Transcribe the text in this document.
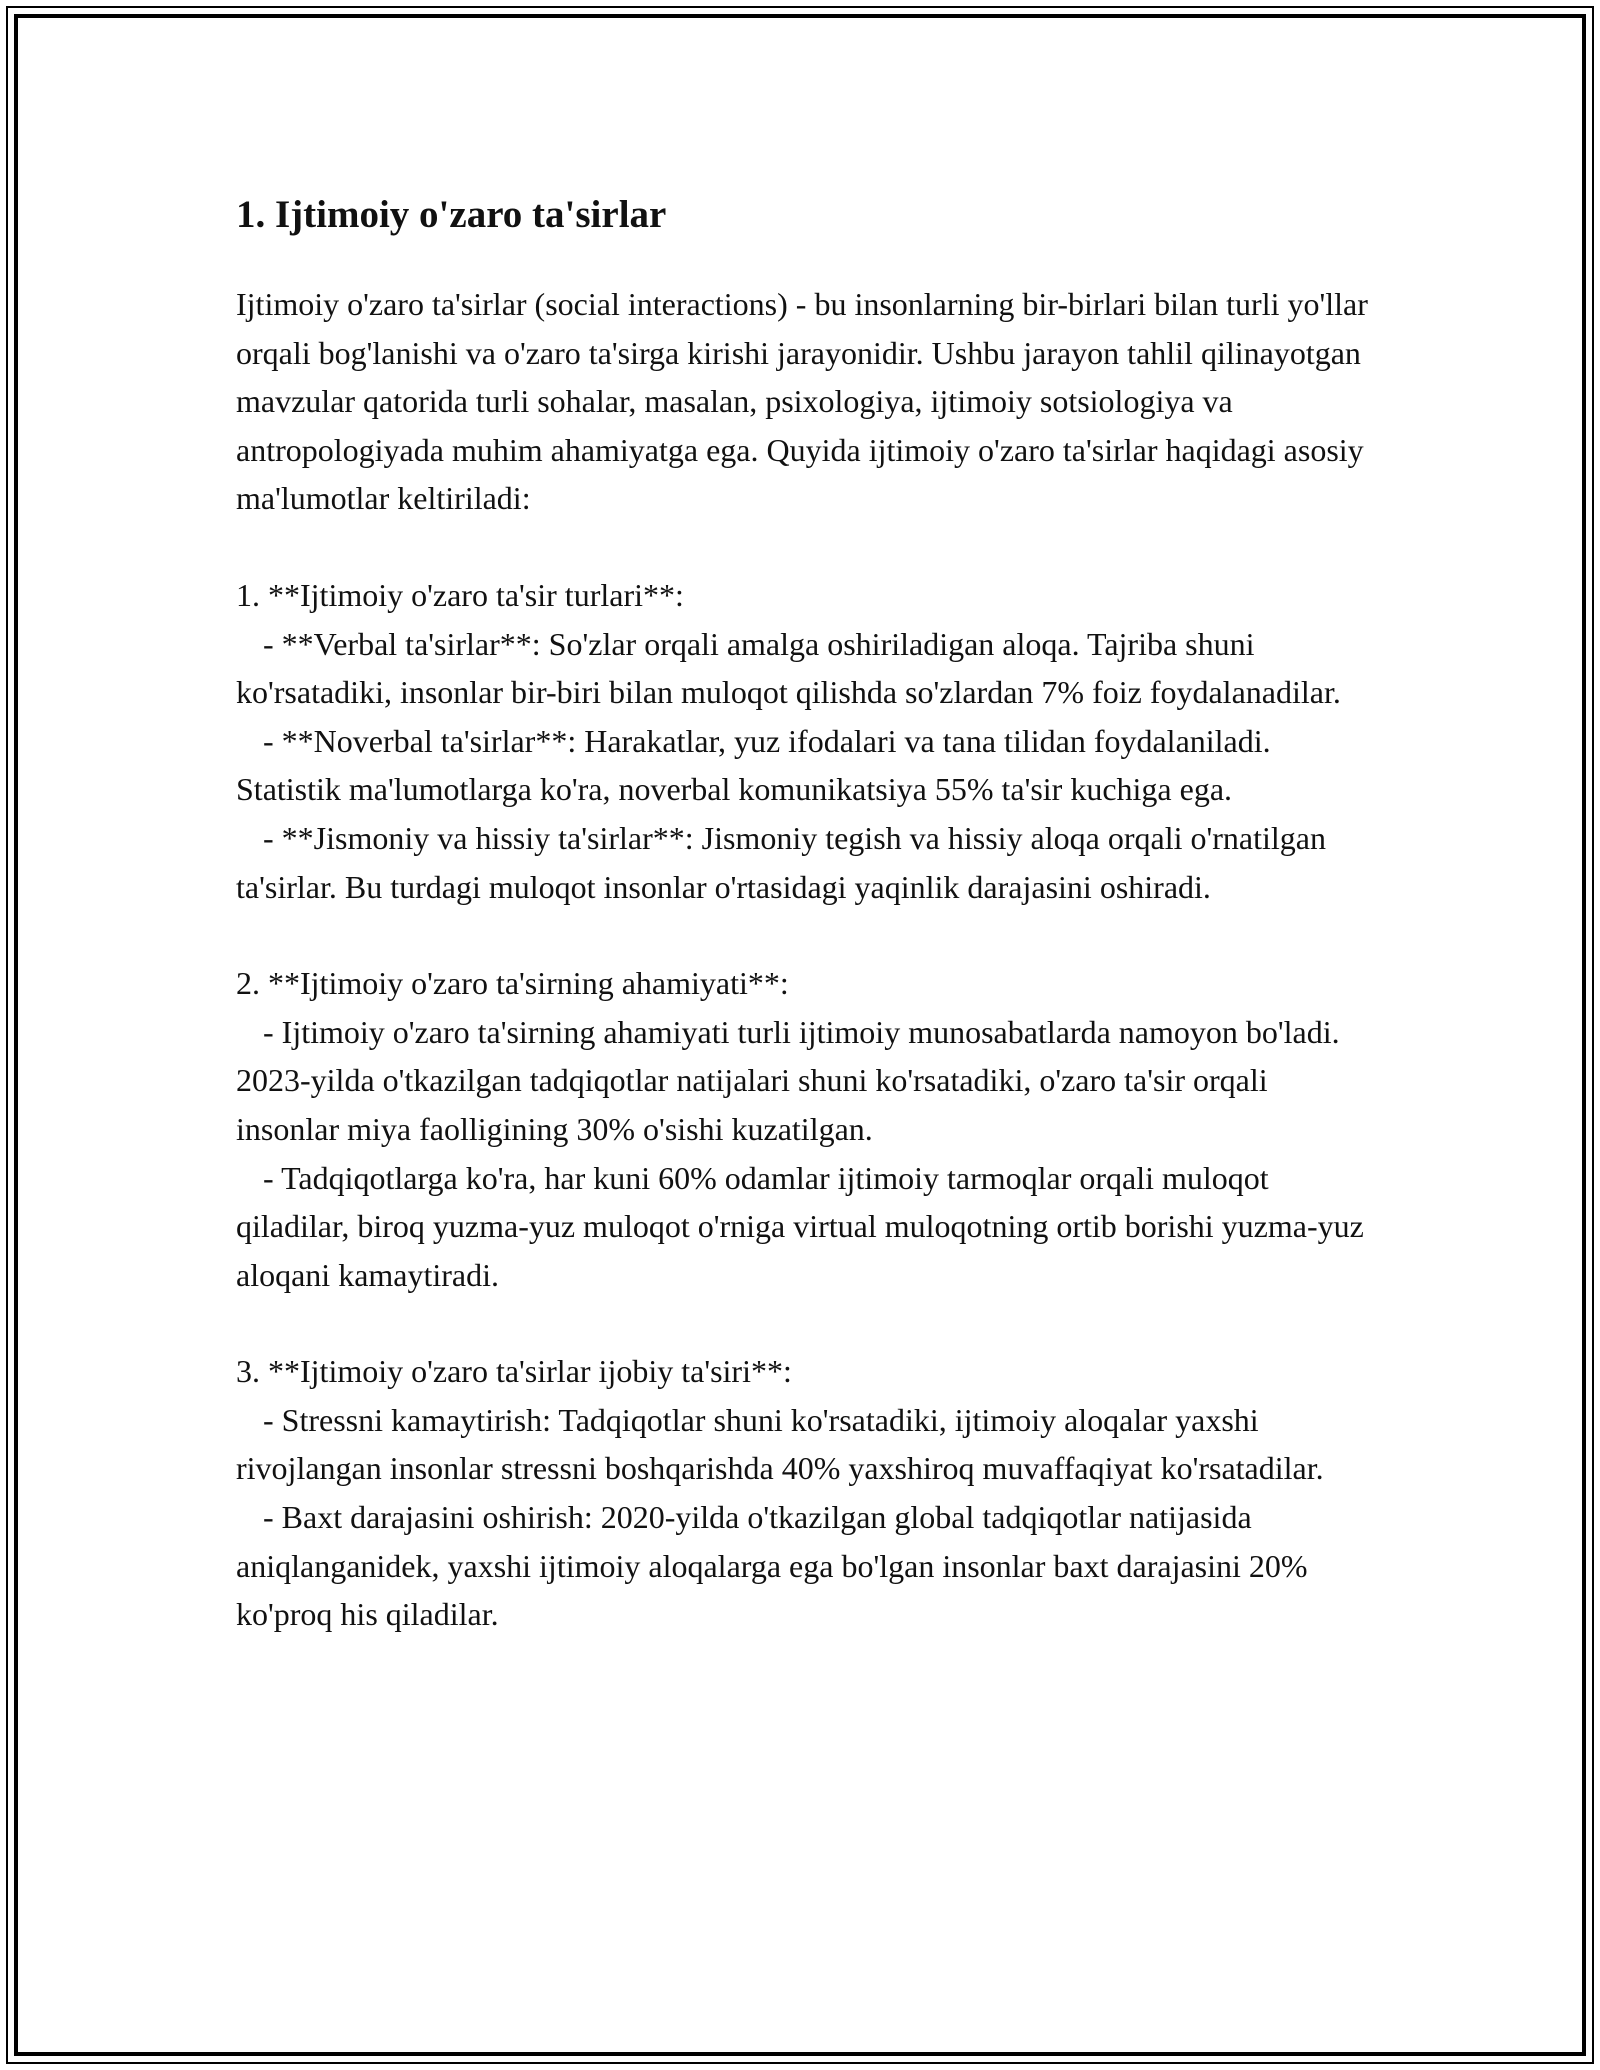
1. Ijtimoiy o'zaro ta'sirlar
Ijtimoiy o'zaro ta'sirlar (social interactions) - bu insonlarning bir-birlari bilan turli yo'llar orqali bog'lanishi va o'zaro ta'sirga kirishi jarayonidir. Ushbu jarayon tahlil qilinayotgan mavzular qatorida turli sohalar, masalan, psixologiya, ijtimoiy sotsiologiya va antropologiyada muhim ahamiyatga ega. Quyida ijtimoiy o'zaro ta'sirlar haqidagi asosiy ma'lumotlar keltiriladi:
1. **Ijtimoiy o'zaro ta'sir turlari**:
- **Verbal ta'sirlar**: So'zlar orqali amalga oshiriladigan aloqa. Tajriba shuni ko'rsatadiki, insonlar bir-biri bilan muloqot qilishda so'zlardan 7% foiz foydalanadilar.
- **Noverbal ta'sirlar**: Harakatlar, yuz ifodalari va tana tilidan foydalaniladi. Statistik ma'lumotlarga ko'ra, noverbal komunikatsiya 55% ta'sir kuchiga ega.
- **Jismoniy va hissiy ta'sirlar**: Jismoniy tegish va hissiy aloqa orqali o'rnatilgan ta'sirlar. Bu turdagi muloqot insonlar o'rtasidagi yaqinlik darajasini oshiradi.
2. **Ijtimoiy o'zaro ta'sirning ahamiyati**:
- Ijtimoiy o'zaro ta'sirning ahamiyati turli ijtimoiy munosabatlarda namoyon bo'ladi. 2023-yilda o'tkazilgan tadqiqotlar natijalari shuni ko'rsatadiki, o'zaro ta'sir orqali insonlar miya faolligining 30% o'sishi kuzatilgan.
- Tadqiqotlarga ko'ra, har kuni 60% odamlar ijtimoiy tarmoqlar orqali muloqot qiladilar, biroq yuzma-yuz muloqot o'rniga virtual muloqotning ortib borishi yuzma-yuz aloqani kamaytiradi.
3. **Ijtimoiy o'zaro ta'sirlar ijobiy ta'siri**:
- Stressni kamaytirish: Tadqiqotlar shuni ko'rsatadiki, ijtimoiy aloqalar yaxshi rivojlangan insonlar stressni boshqarishda 40% yaxshiroq muvaffaqiyat ko'rsatadilar.
- Baxt darajasini oshirish: 2020-yilda o'tkazilgan global tadqiqotlar natijasida aniqlanganidek, yaxshi ijtimoiy aloqalarga ega bo'lgan insonlar baxt darajasini 20% ko'proq his qiladilar.
